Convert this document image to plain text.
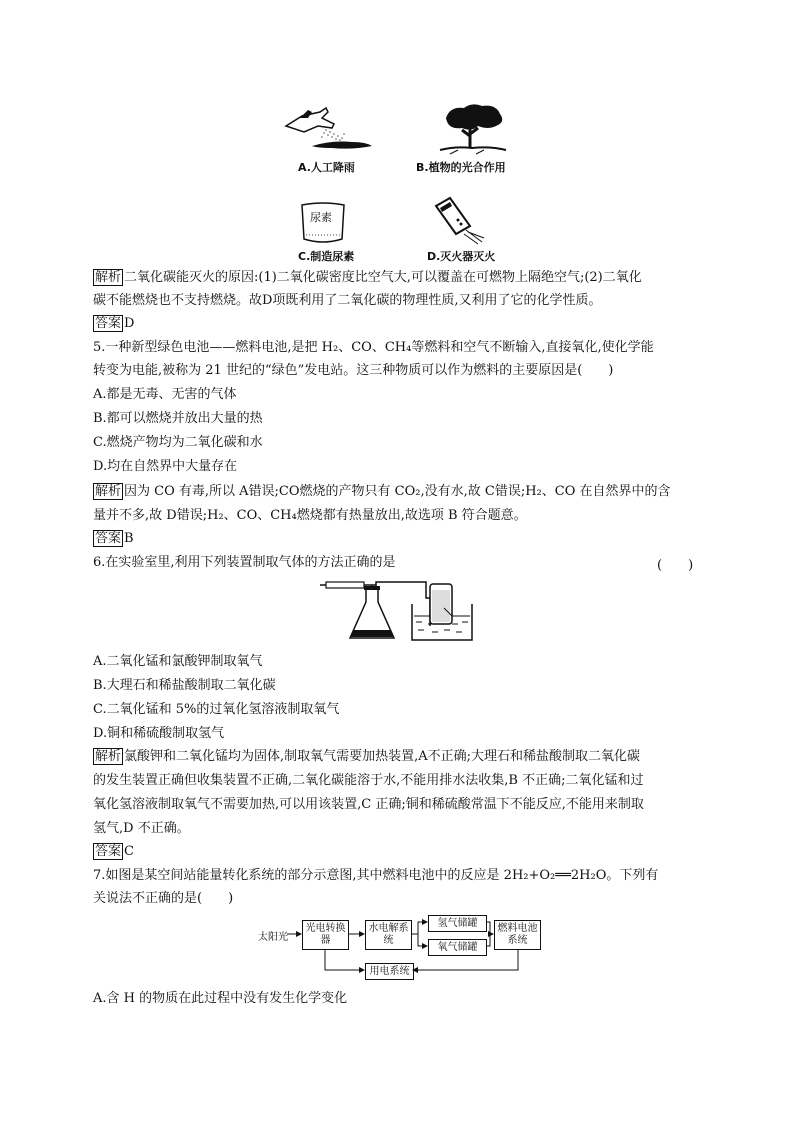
A.人工降雨	B.植物的光合作用
尿素
C.制造尿素	D.灭火器灭火
解析 二氧化碳能灭火的原因:(1)二氧化碳密度比空气大,可以覆盖在可燃物上隔绝空气;(2)二氧化
碳不能燃烧也不支持燃烧。故D项既利用了二氧化碳的物理性质,又利用了它的化学性质。
答案 D
5.一种新型绿色电池——燃料电池,是把 H₂、CO、CH₄等燃料和空气不断输入,直接氧化,使化学能
转变为电能,被称为 21 世纪的“绿色”发电站。这三种物质可以作为燃料的主要原因是(　　)
A.都是无毒、无害的气体
B.都可以燃烧并放出大量的热
C.燃烧产物均为二氧化碳和水
D.均在自然界中大量存在
解析 因为 CO 有毒,所以 A错误;CO燃烧的产物只有 CO₂,没有水,故 C错误;H₂、CO 在自然界中的含
量并不多,故 D错误;H₂、CO、CH₄燃烧都有热量放出,故选项 B 符合题意。
答案 B
6.在实验室里,利用下列装置制取气体的方法正确的是	(　　)
A.二氧化锰和氯酸钾制取氧气
B.大理石和稀盐酸制取二氧化碳
C.二氧化锰和 5%的过氧化氢溶液制取氧气
D.铜和稀硫酸制取氢气
解析 氯酸钾和二氧化锰均为固体,制取氧气需要加热装置,A不正确;大理石和稀盐酸制取二氧化碳
的发生装置正确但收集装置不正确,二氧化碳能溶于水,不能用排水法收集,B 不正确;二氧化锰和过
氧化氢溶液制取氧气不需要加热,可以用该装置,C 正确;铜和稀硫酸常温下不能反应,不能用来制取
氢气,D 不正确。
答案 C
7.如图是某空间站能量转化系统的部分示意图,其中燃料电池中的反应是 2H₂+O₂══2H₂O。下列有
关说法不正确的是(　　)
太阳光
光电转换器
水电解系统
氢气储罐
氧气储罐
燃料电池系统
用电系统
A.含 H 的物质在此过程中没有发生化学变化
